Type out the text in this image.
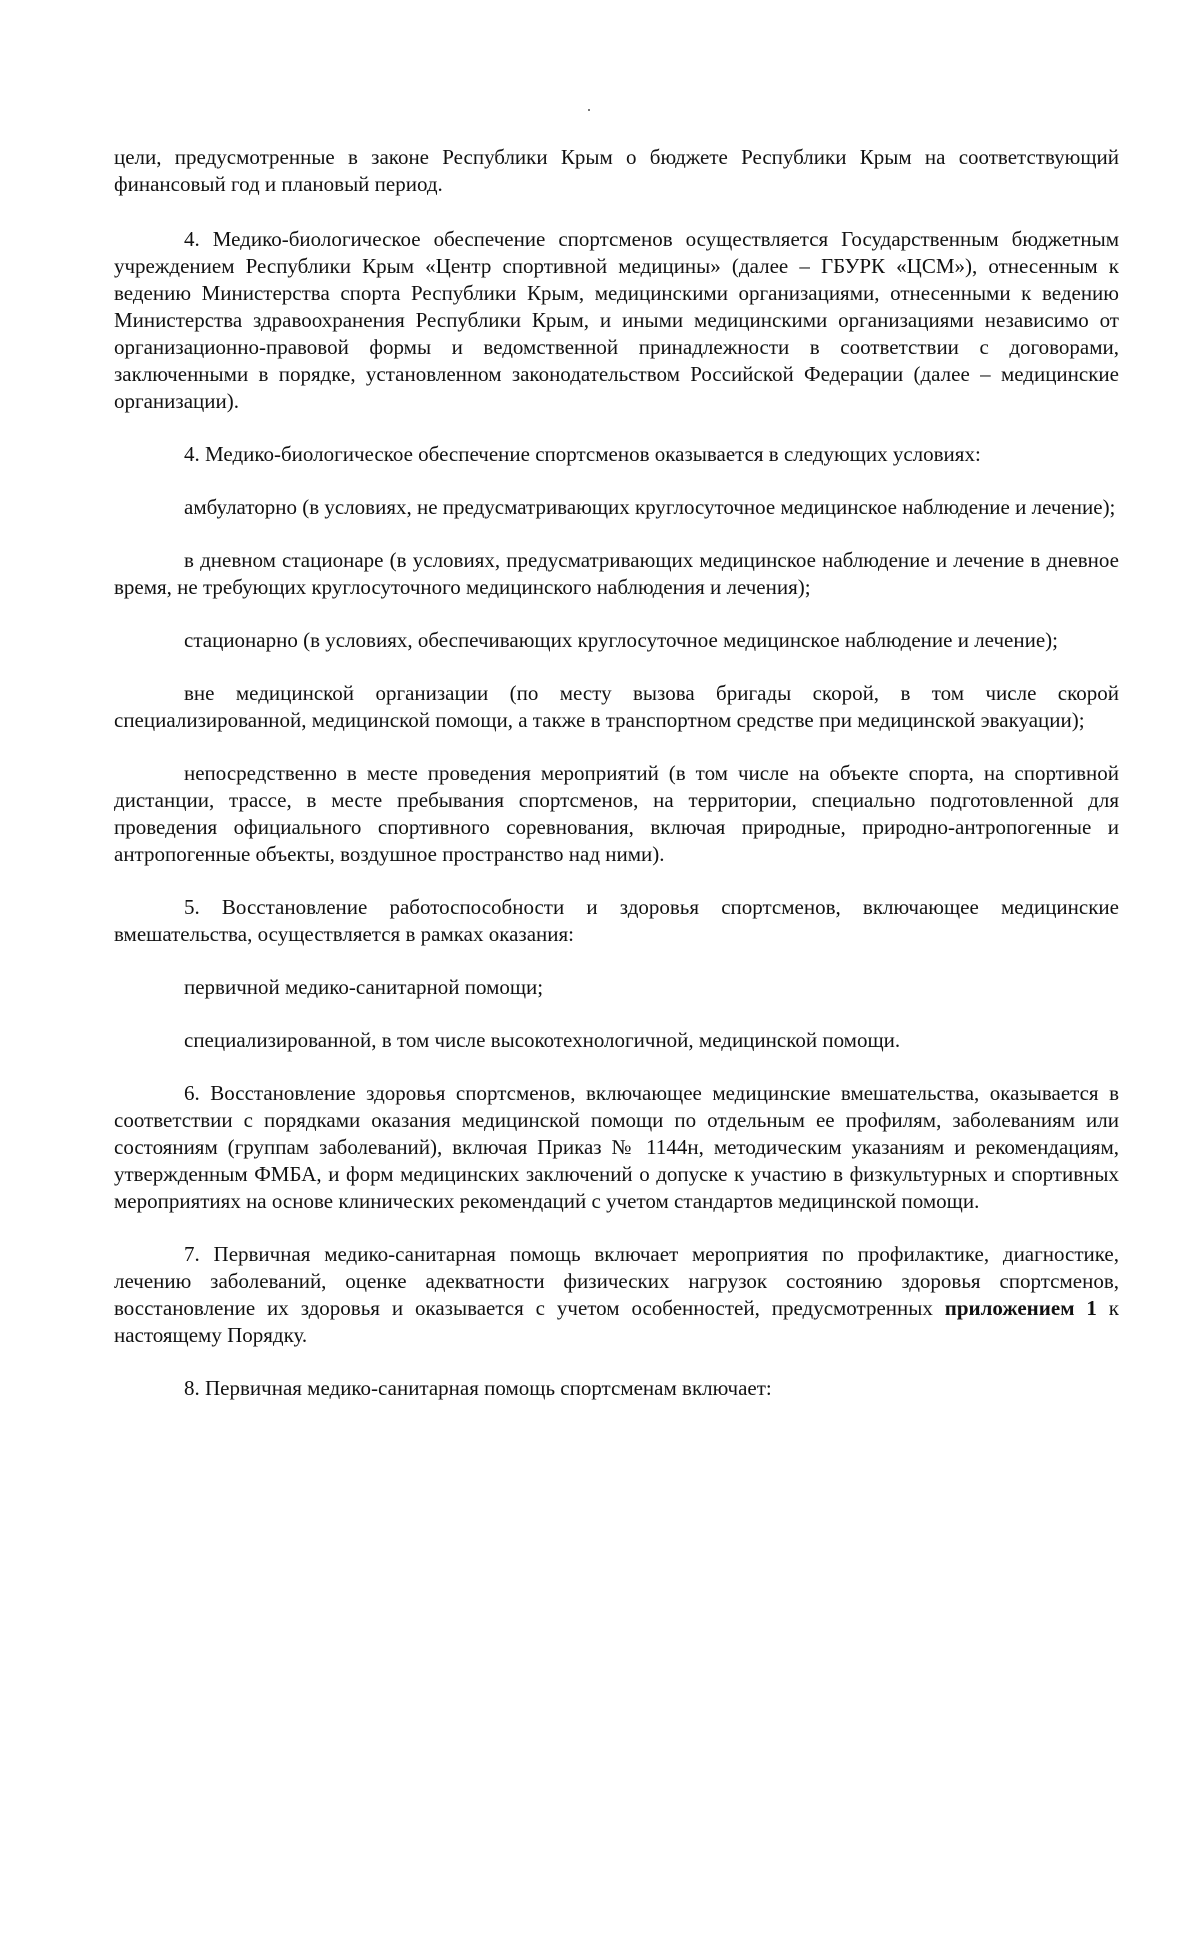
цели, предусмотренные в законе Республики Крым о бюджете Республики Крым на соответствующий финансовый год и плановый период.

4. Медико-биологическое обеспечение спортсменов осуществляется Государственным бюджетным учреждением Республики Крым «Центр спортивной медицины» (далее – ГБУРК «ЦСМ»), отнесенным к ведению Министерства спорта Республики Крым, медицинскими организациями, отнесенными к ведению Министерства здравоохранения Республики Крым, и иными медицинскими организациями независимо от организационно-правовой формы и ведомственной принадлежности в соответствии с договорами, заключенными в порядке, установленном законодательством Российской Федерации (далее – медицинские организации).

4. Медико-биологическое обеспечение спортсменов оказывается в следующих условиях:

амбулаторно (в условиях, не предусматривающих круглосуточное медицинское наблюдение и лечение);

в дневном стационаре (в условиях, предусматривающих медицинское наблюдение и лечение в дневное время, не требующих круглосуточного медицинского наблюдения и лечения);

стационарно (в условиях, обеспечивающих круглосуточное медицинское наблюдение и лечение);

вне медицинской организации (по месту вызова бригады скорой, в том числе скорой специализированной, медицинской помощи, а также в транспортном средстве при медицинской эвакуации);

непосредственно в месте проведения мероприятий (в том числе на объекте спорта, на спортивной дистанции, трассе, в месте пребывания спортсменов, на территории, специально подготовленной для проведения официального спортивного соревнования, включая природные, природно-антропогенные и антропогенные объекты, воздушное пространство над ними).

5. Восстановление работоспособности и здоровья спортсменов, включающее медицинские вмешательства, осуществляется в рамках оказания:

первичной медико-санитарной помощи;

специализированной, в том числе высокотехнологичной, медицинской помощи.

6. Восстановление здоровья спортсменов, включающее медицинские вмешательства, оказывается в соответствии с порядками оказания медицинской помощи по отдельным ее профилям, заболеваниям или состояниям (группам заболеваний), включая Приказ № 1144н, методическим указаниям и рекомендациям, утвержденным ФМБА, и форм медицинских заключений о допуске к участию в физкультурных и спортивных мероприятиях на основе клинических рекомендаций с учетом стандартов медицинской помощи.

7. Первичная медико-санитарная помощь включает мероприятия по профилактике, диагностике, лечению заболеваний, оценке адекватности физических нагрузок состоянию здоровья спортсменов, восстановление их здоровья и оказывается с учетом особенностей, предусмотренных приложением 1 к настоящему Порядку.

8. Первичная медико-санитарная помощь спортсменам включает:
